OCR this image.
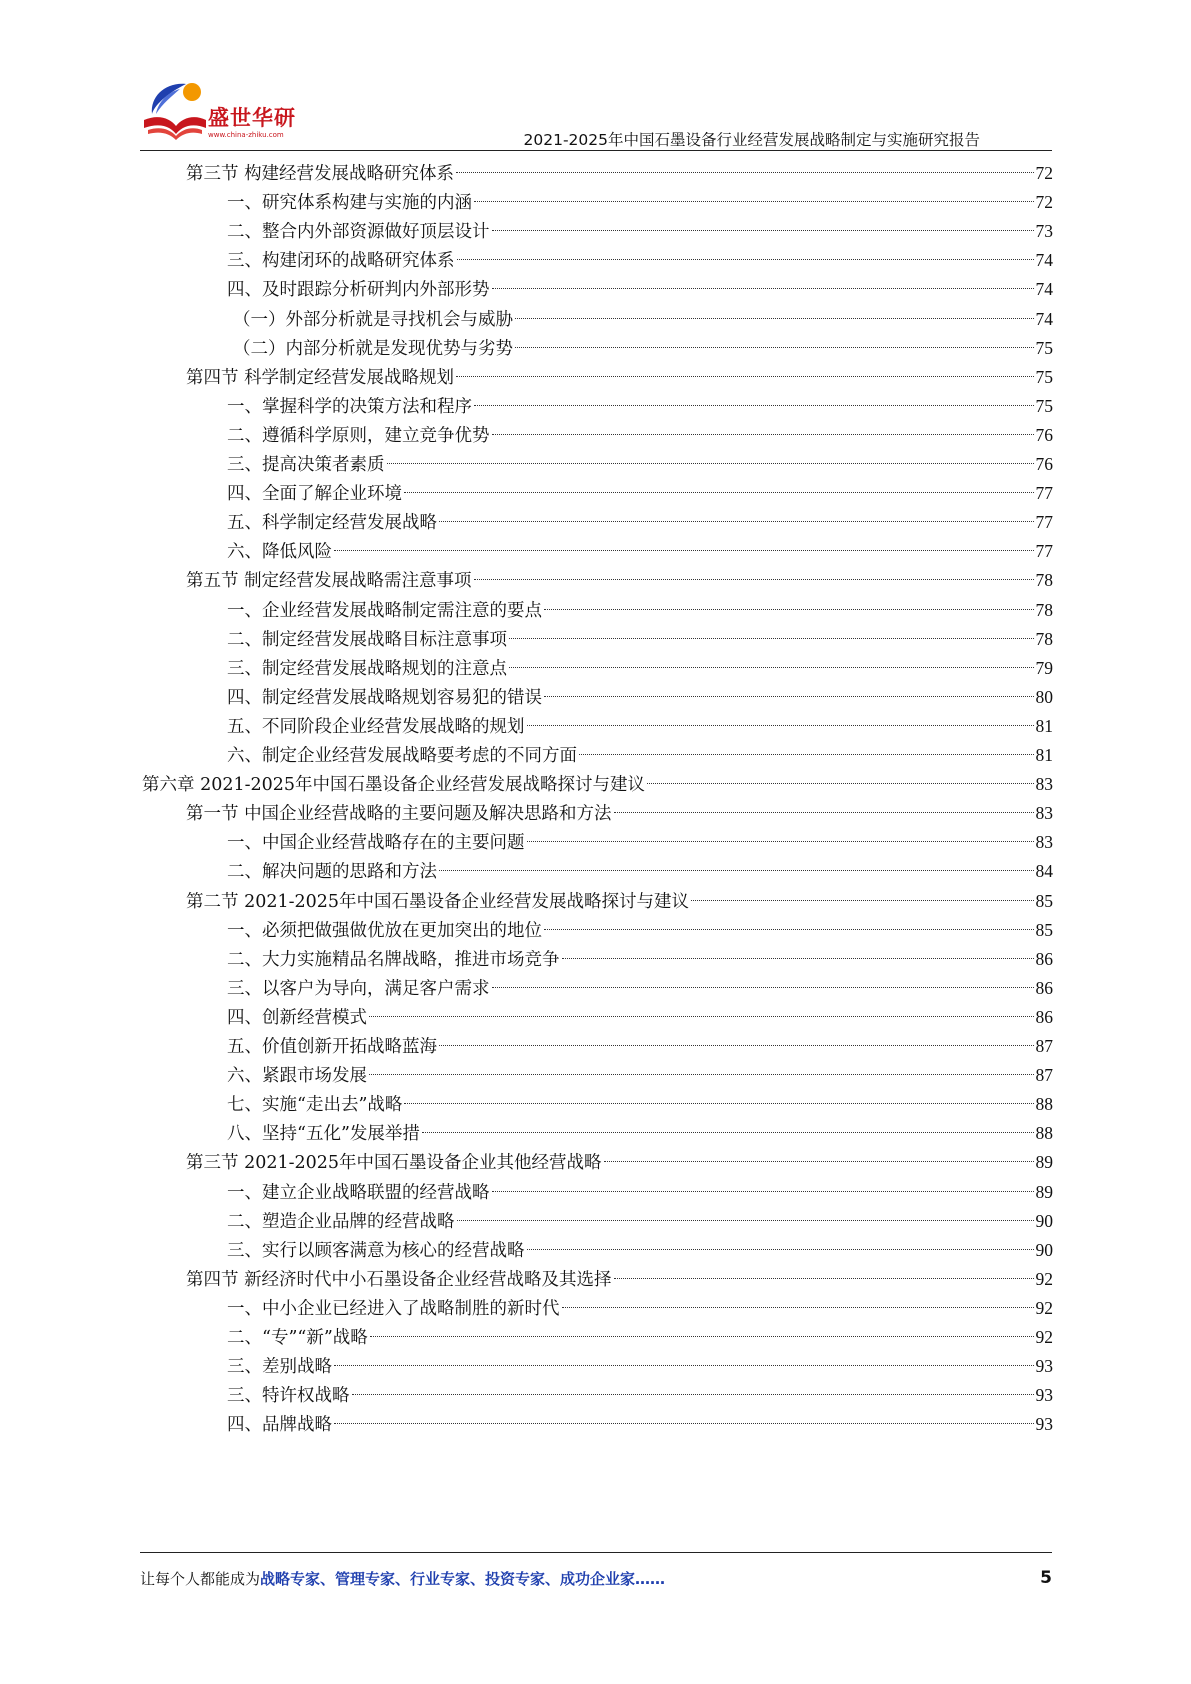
盛世华研
www.china-zhiku.com	2021-2025年中国石墨设备行业经营发展战略制定与实施研究报告
第三节 构建经营发展战略研究体系	72
一、研究体系构建与实施的内涵	72
二、整合内外部资源做好顶层设计	73
三、构建闭环的战略研究体系	74
四、及时跟踪分析研判内外部形势	74
（一）外部分析就是寻找机会与威胁	74
（二）内部分析就是发现优势与劣势	75
第四节 科学制定经营发展战略规划	75
一、掌握科学的决策方法和程序	75
二、遵循科学原则，建立竞争优势	76
三、提高决策者素质	76
四、全面了解企业环境	77
五、科学制定经营发展战略	77
六、降低风险	77
第五节 制定经营发展战略需注意事项	78
一、企业经营发展战略制定需注意的要点	78
二、制定经营发展战略目标注意事项	78
三、制定经营发展战略规划的注意点	79
四、制定经营发展战略规划容易犯的错误	80
五、不同阶段企业经营发展战略的规划	81
六、制定企业经营发展战略要考虑的不同方面	81
第六章 2021-2025年中国石墨设备企业经营发展战略探讨与建议	83
第一节 中国企业经营战略的主要问题及解决思路和方法	83
一、中国企业经营战略存在的主要问题	83
二、解决问题的思路和方法	84
第二节 2021-2025年中国石墨设备企业经营发展战略探讨与建议	85
一、必须把做强做优放在更加突出的地位	85
二、大力实施精品名牌战略，推进市场竞争	86
三、以客户为导向，满足客户需求	86
四、创新经营模式	86
五、价值创新开拓战略蓝海	87
六、紧跟市场发展	87
七、实施“走出去”战略	88
八、坚持“五化”发展举措	88
第三节 2021-2025年中国石墨设备企业其他经营战略	89
一、建立企业战略联盟的经营战略	89
二、塑造企业品牌的经营战略	90
三、实行以顾客满意为核心的经营战略	90
第四节 新经济时代中小石墨设备企业经营战略及其选择	92
一、中小企业已经进入了战略制胜的新时代	92
二、“专”“新”战略	92
三、差别战略	93
三、特许权战略	93
四、品牌战略	93
让每个人都能成为战略专家、管理专家、行业专家、投资专家、成功企业家……	5
